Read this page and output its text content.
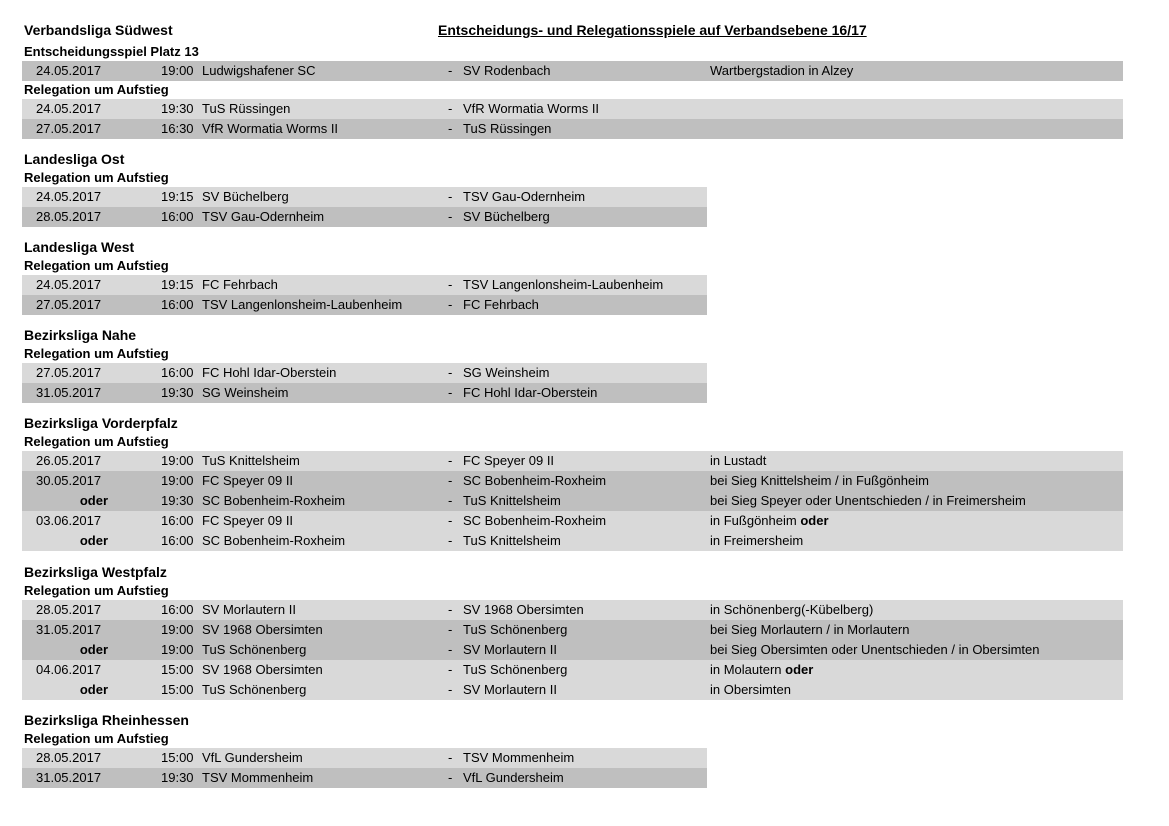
Verbandsliga Südwest	Entscheidungs- und Relegationsspiele auf Verbandsebene 16/17
Entscheidungsspiel Platz 13
24.05.2017	19:00 Ludwigshafener SC	- SV Rodenbach	Wartbergstadion in Alzey
Relegation um Aufstieg
24.05.2017	19:30 TuS Rüssingen	- VfR Wormatia Worms II
27.05.2017	16:30 VfR Wormatia Worms II	- TuS Rüssingen
Landesliga Ost
Relegation um Aufstieg
24.05.2017	19:15 SV Büchelberg	- TSV Gau-Odernheim
28.05.2017	16:00 TSV Gau-Odernheim	- SV Büchelberg
Landesliga West
Relegation um Aufstieg
24.05.2017	19:15 FC Fehrbach	- TSV Langenlonsheim-Laubenheim
27.05.2017	16:00 TSV Langenlonsheim-Laubenheim	- FC Fehrbach
Bezirksliga Nahe
Relegation um Aufstieg
27.05.2017	16:00 FC Hohl Idar-Oberstein	- SG Weinsheim
31.05.2017	19:30 SG Weinsheim	- FC Hohl Idar-Oberstein
Bezirksliga Vorderpfalz
Relegation um Aufstieg
26.05.2017	19:00 TuS Knittelsheim	- FC Speyer 09 II	in Lustadt
30.05.2017	19:00 FC Speyer 09 II	- SC Bobenheim-Roxheim	bei Sieg Knittelsheim / in Fußgönheim
oder	19:30 SC Bobenheim-Roxheim	- TuS Knittelsheim	bei Sieg Speyer oder Unentschieden / in Freimersheim
03.06.2017	16:00 FC Speyer 09 II	- SC Bobenheim-Roxheim	in Fußgönheim oder
oder	16:00 SC Bobenheim-Roxheim	- TuS Knittelsheim	in Freimersheim
Bezirksliga Westpfalz
Relegation um Aufstieg
28.05.2017	16:00 SV Morlautern II	- SV 1968 Obersimten	in Schönenberg(-Kübelberg)
31.05.2017	19:00 SV 1968 Obersimten	- TuS Schönenberg	bei Sieg Morlautern / in Morlautern
oder	19:00 TuS Schönenberg	- SV Morlautern II	bei Sieg Obersimten oder Unentschieden / in Obersimten
04.06.2017	15:00 SV 1968 Obersimten	- TuS Schönenberg	in Molautern oder
oder	15:00 TuS Schönenberg	- SV Morlautern II	in Obersimten
Bezirksliga Rheinhessen
Relegation um Aufstieg
28.05.2017	15:00 VfL Gundersheim	- TSV Mommenheim
31.05.2017	19:30 TSV Mommenheim	- VfL Gundersheim
